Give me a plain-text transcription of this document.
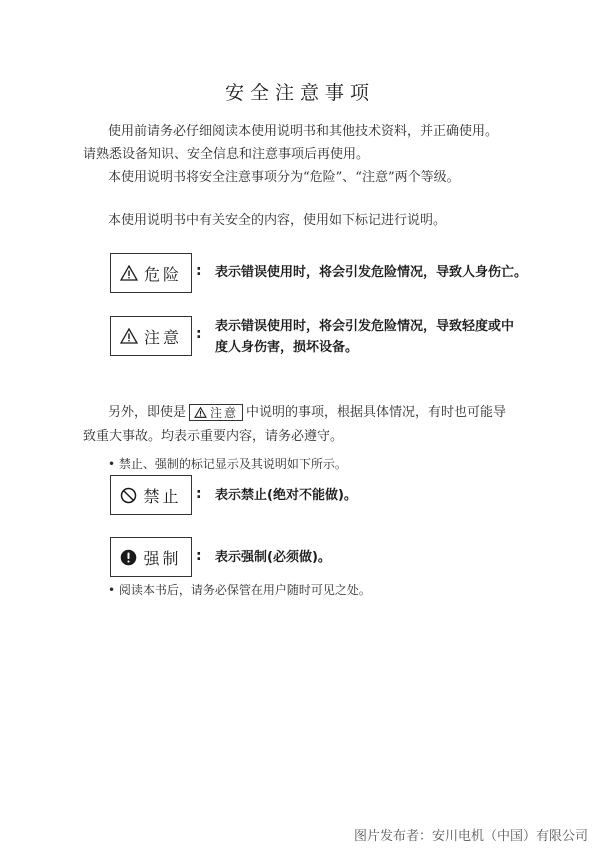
安全注意事项
使用前请务必仔细阅读本使用说明书和其他技术资料，并正确使用。
请熟悉设备知识、安全信息和注意事项后再使用。
本使用说明书将安全注意事项分为“危险”、“注意”两个等级。
本使用说明书中有关安全的内容，使用如下标记进行说明。
危险 : 表示错误使用时，将会引发危险情况，导致人身伤亡。
注意 : 表示错误使用时，将会引发危险情况，导致轻度或中
度人身伤害，损坏设备。
另外，即使是 注意 中说明的事项，根据具体情况，有时也可能导
致重大事故。均表示重要内容，请务必遵守。
• 禁止、强制的标记显示及其说明如下所示。
禁止 : 表示禁止(绝对不能做)。
强制 : 表示强制(必须做)。
• 阅读本书后，请务必保管在用户随时可见之处。
图片发布者：安川电机（中国）有限公司
